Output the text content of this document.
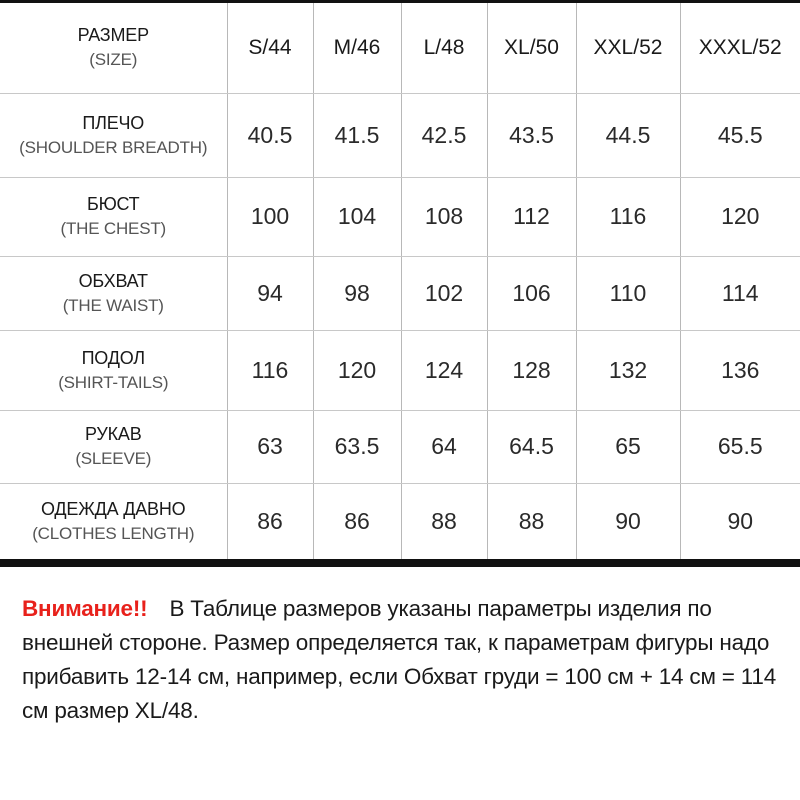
РАЗМЕР
(SIZE)	S/44	M/46	L/48	XL/50	XXL/52	XXXL/52

ПЛЕЧО
(SHOULDER BREADTH)	40.5	41.5	42.5	43.5	44.5	45.5

БЮСТ
(THE CHEST)	100	104	108	112	116	120

ОБХВАТ
(THE WAIST)	94	98	102	106	110	114

ПОДОЛ
(SHIRT-TAILS)	116	120	124	128	132	136

РУКАВ
(SLEEVE)	63	63.5	64	64.5	65	65.5

ОДЕЖДА ДАВНО
(CLOTHES LENGTH)	86	86	88	88	90	90
Внимание!! В Таблице размеров указаны параметры изделия по внешней стороне. Размер определяется так, к параметрам фигуры надо прибавить 12-14 см, например, если Обхват груди = 100 см + 14 см = 114 см размер XL/48.
